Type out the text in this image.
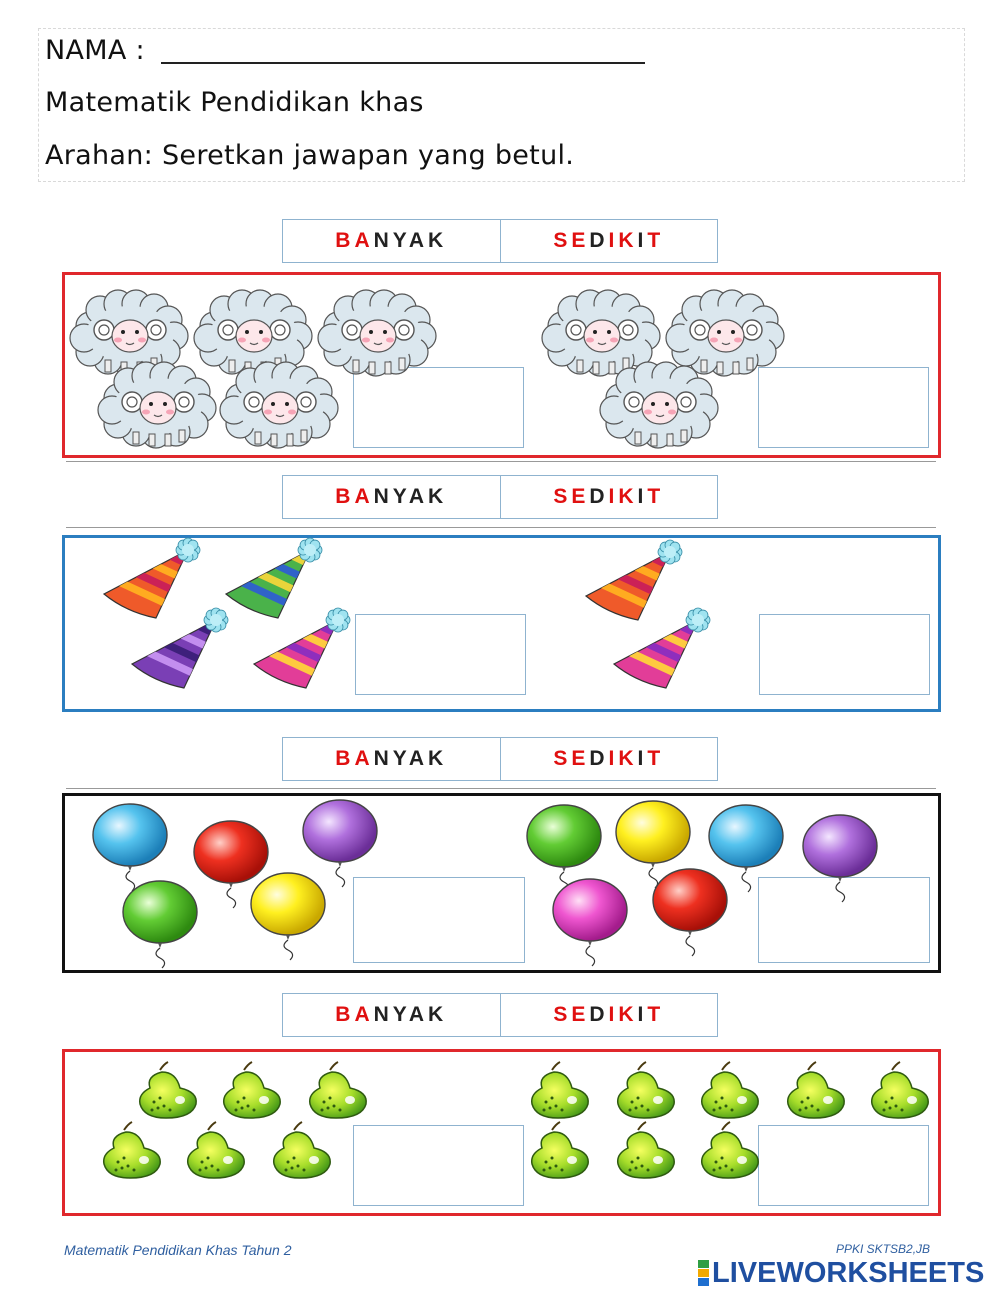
NAMA :
Matematik Pendidikan khas
Arahan: Seretkan jawapan yang betul.
BA NYAK	SE D I K I T
BA NYAK	SE D I K I T
BA NYAK	SE D I K I T
BA NYAK	SE D I K I T
Matematik Pendidikan Khas Tahun 2	PPKI SKTSB2,JB
LIVEWORKSHEETS
